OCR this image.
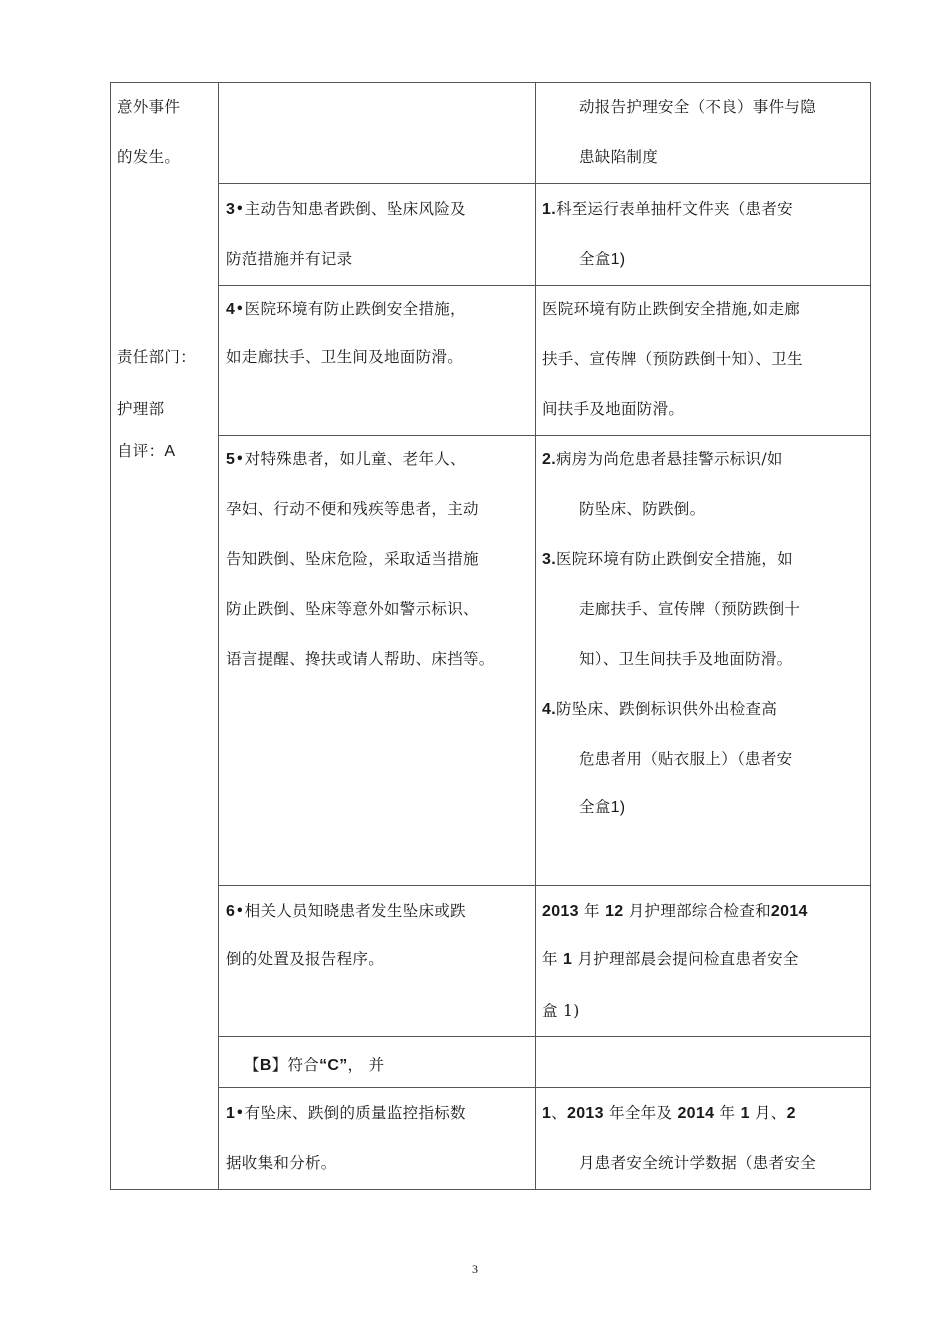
意外事件
的发生。
责任部门：
护理部
自评：A
动报告护理安全（不良）事件与隐
患缺陷制度
3•主动告知患者跌倒、坠床风险及
防范措施并有记录
1.科至运行表单抽杆文件夹（患者安
全盒1)
4•医院环境有防止跌倒安全措施，
如走廊扶手、卫生间及地面防滑。
医院环境有防止跌倒安全措施,如走廊
扶手、宣传牌（预防跌倒十知）、卫生
间扶手及地面防滑。
5•对特殊患者，如儿童、老年人、
孕妇、行动不便和残疾等患者，主动
告知跌倒、坠床危险，采取适当措施
防止跌倒、坠床等意外如警示标识、
语言提醒、搀扶或请人帮助、床挡等。
2.病房为尚危患者悬挂警示标识/如
防坠床、防跌倒。
3.医院环境有防止跌倒安全措施，如
走廊扶手、宣传牌（预防跌倒十
知）、卫生间扶手及地面防滑。
4.防坠床、跌倒标识供外出检查高
危患者用（贴衣服上）（患者安
全盒1)
6•相关人员知晓患者发生坠床或跌
倒的处置及报告程序。
2013 年 12 月护理部综合检查和2014
年 1 月护理部晨会提问检直患者安全
盒 1)
【B】符合“C”， 并
1•有坠床、跌倒的质量监控指标数
据收集和分析。
1、2013 年全年及 2014 年 1 月、2
月患者安全统计学数据（患者安全
3
